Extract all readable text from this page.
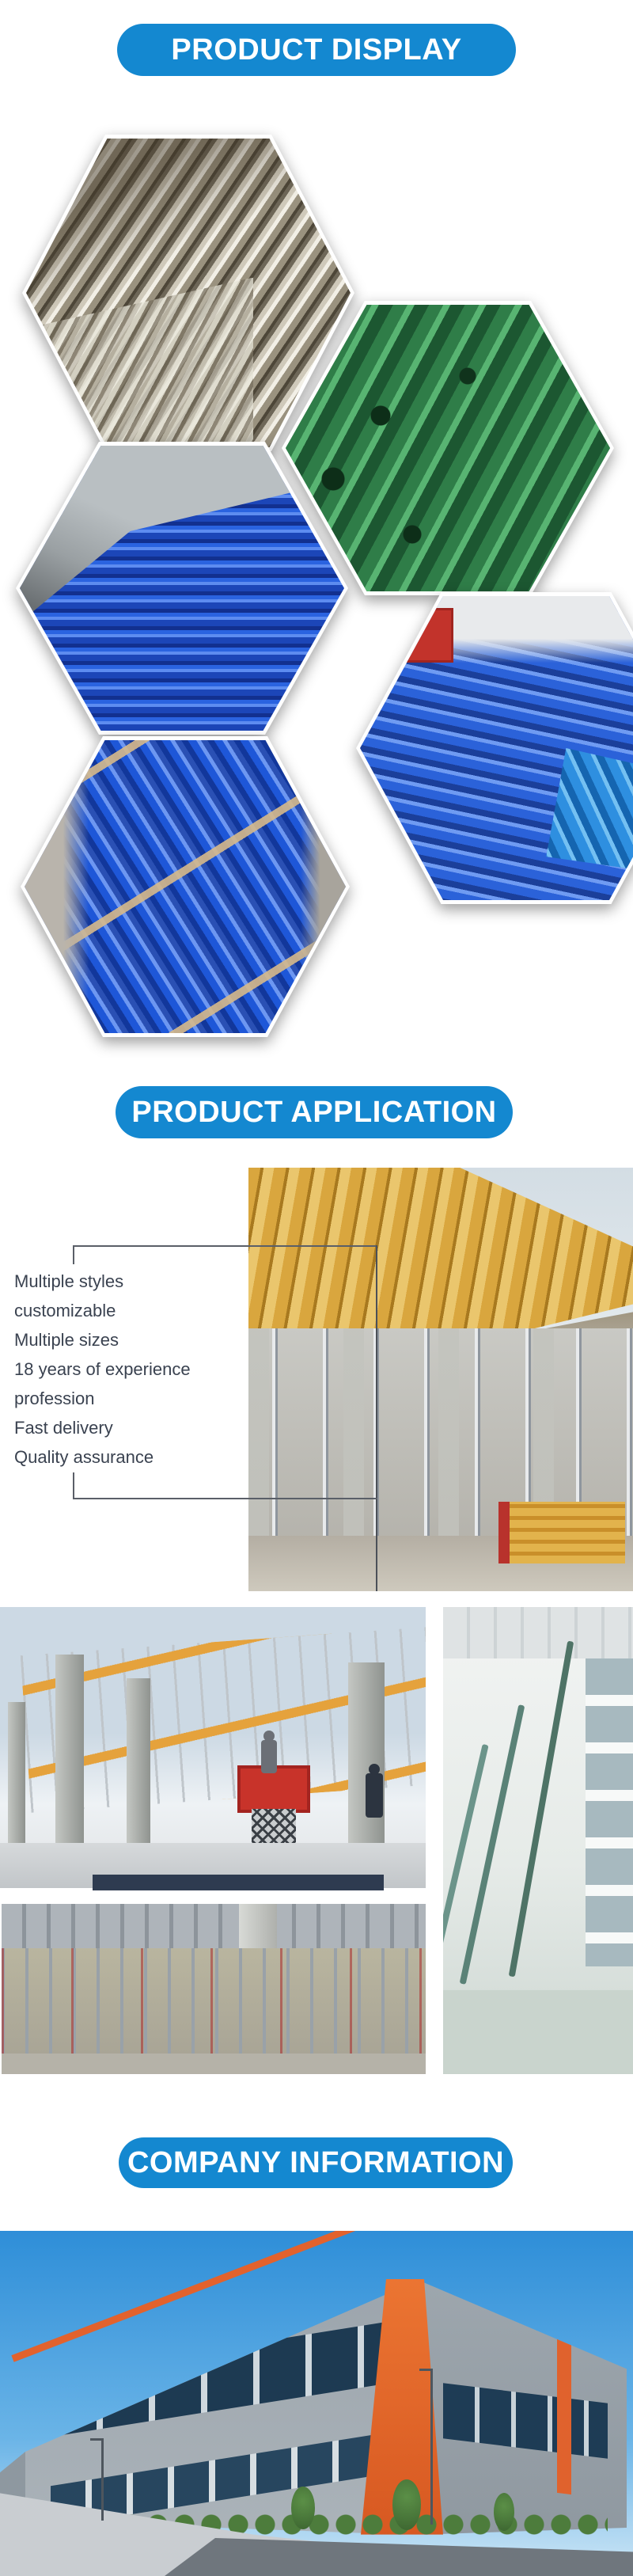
PRODUCT DISPLAY
PRODUCT APPLICATION
Multiple styles
customizable
Multiple sizes
18 years of experience
profession
Fast delivery
Quality assurance
COMPANY INFORMATION
